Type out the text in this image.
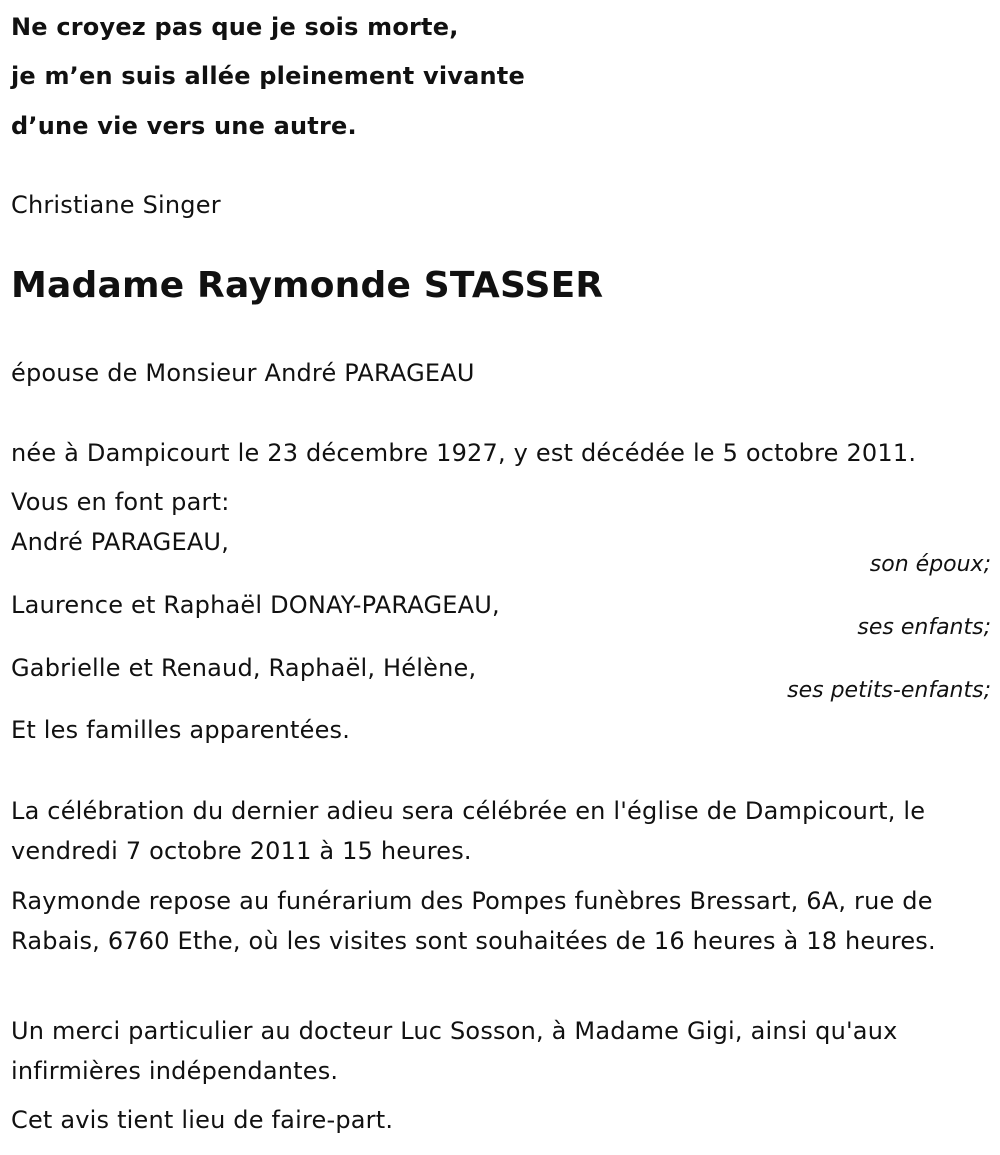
Ne croyez pas que je sois morte,
je m’en suis allée pleinement vivante
d’une vie vers une autre.
Christiane Singer
Madame Raymonde STASSER
épouse de Monsieur André PARAGEAU
née à Dampicourt le 23 décembre 1927, y est décédée le 5 octobre 2011.
Vous en font part:
André PARAGEAU,
son époux;
Laurence et Raphaël DONAY-PARAGEAU,
ses enfants;
Gabrielle et Renaud, Raphaël, Hélène,
ses petits-enfants;
Et les familles apparentées.
La célébration du dernier adieu sera célébrée en l'église de Dampicourt, le vendredi 7 octobre 2011 à 15 heures.
Raymonde repose au funérarium des Pompes funèbres Bressart, 6A, rue de Rabais, 6760 Ethe, où les visites sont souhaitées de 16 heures à 18 heures.
Un merci particulier au docteur Luc Sosson, à Madame Gigi, ainsi qu'aux infirmières indépendantes.
Cet avis tient lieu de faire-part.
